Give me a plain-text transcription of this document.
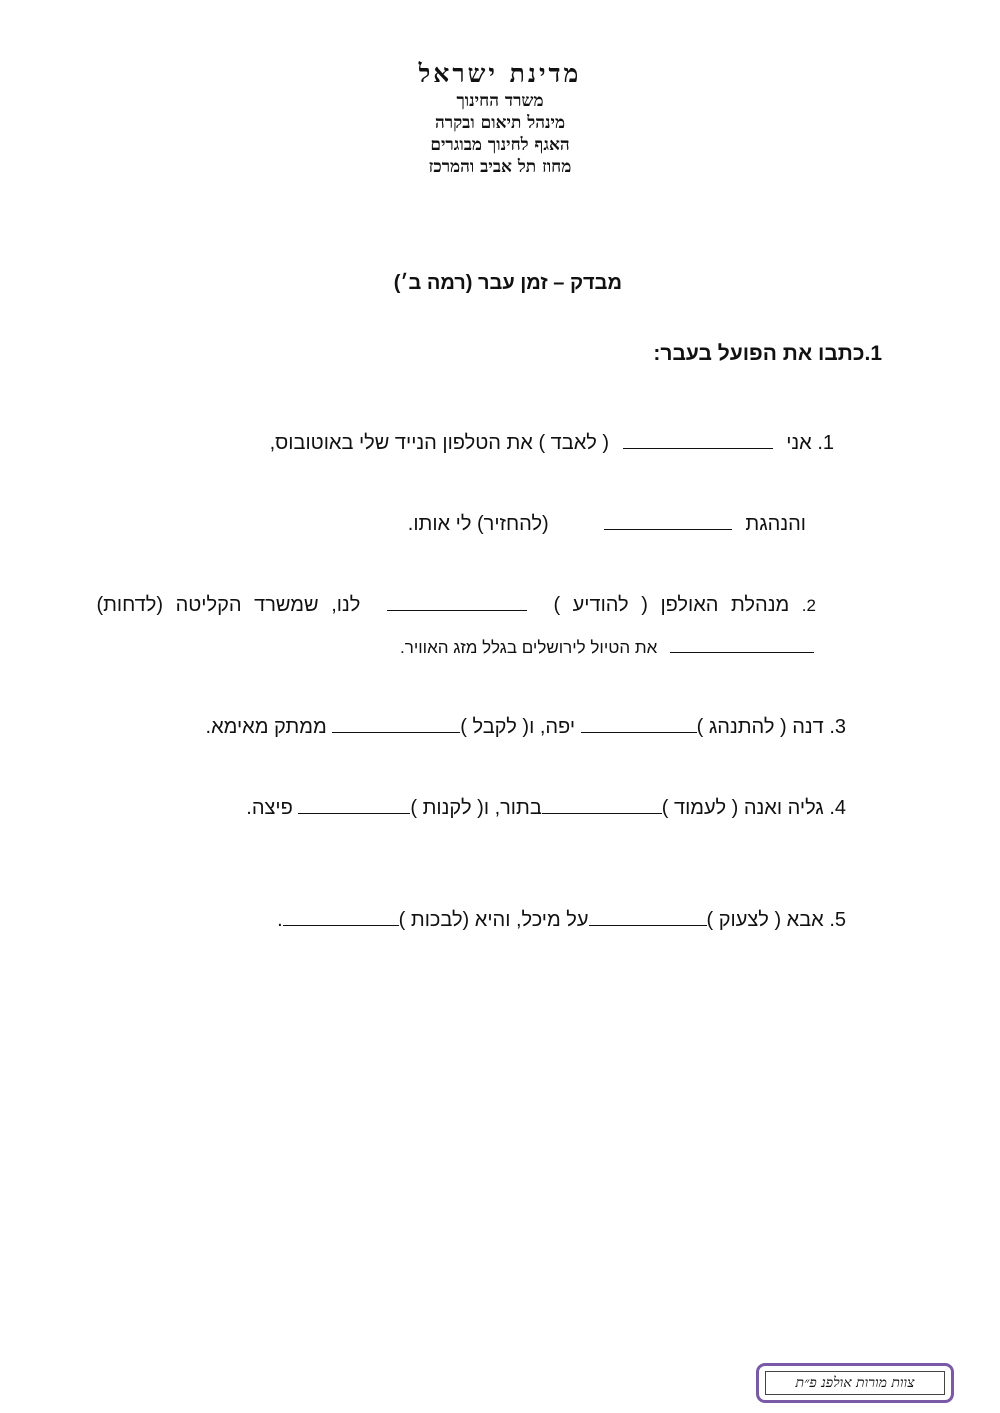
מדינת ישראל
משרד החינוך
מינהל תיאום ובקרה
האגף לחינוך מבוגרים
מחוז תל אביב והמרכז
מבדק – זמן עבר (רמה ב׳)
1.כתבו את הפועל בעבר:
1. אני  ( לאבד ) את הטלפון הנייד שלי באוטובוס,
והנהגת   (להחזיר) לי אותו.
2. מנהלת האולפן ( להודיע )  לנו, שמשרד הקליטה (לדחות)
את הטיול לירושלים בגלל מזג האוויר.
3. דנה ( להתנהג ) יפה, ו( לקבל ) ממתק מאימא.
4. גליה ואנה ( לעמוד )בתור, ו( לקנות ) פיצה.
5. אבא ( לצעוק )על מיכל, והיא (לבכות ).
צוות מורות אולפנ פ״ת
